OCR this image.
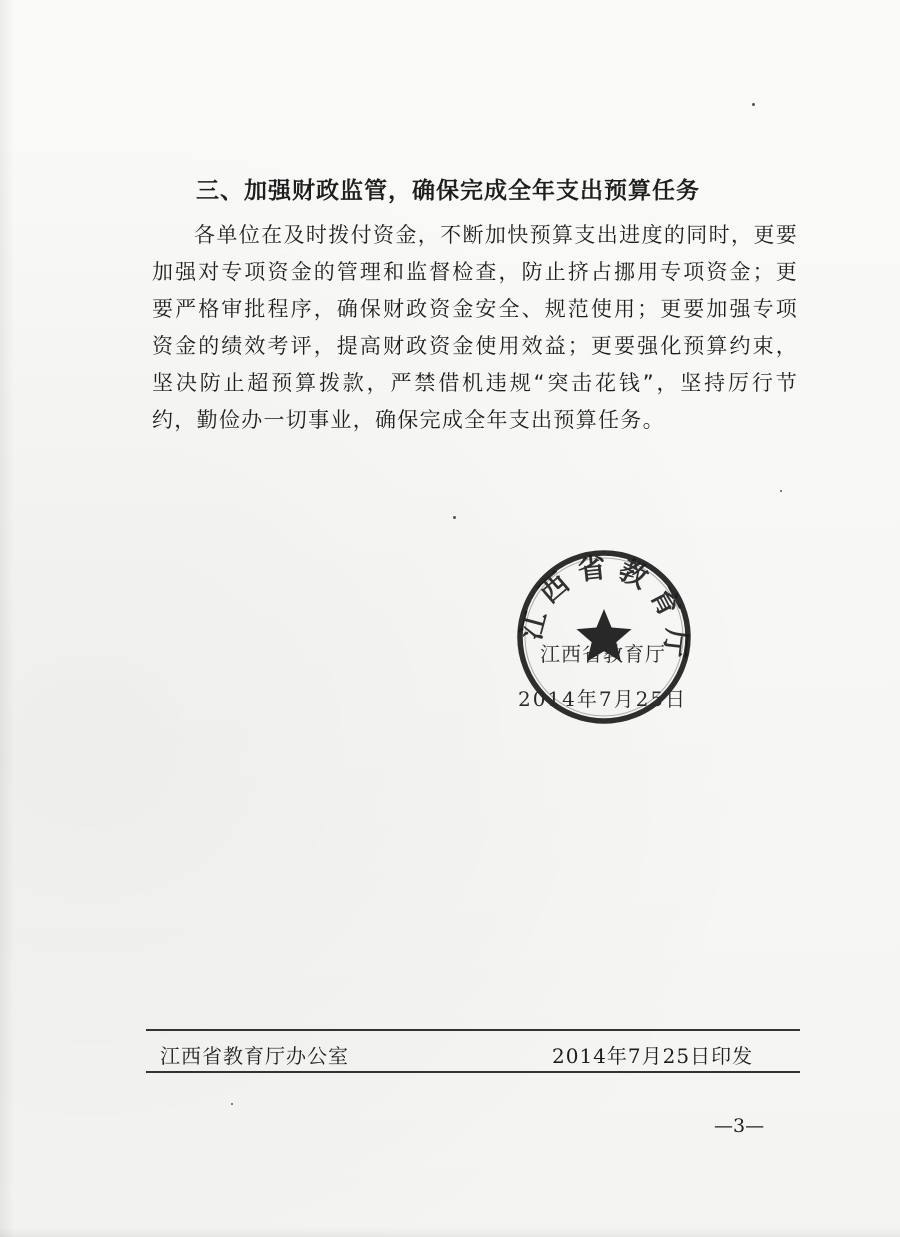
三、加强财政监管，确保完成全年支出预算任务

各单位在及时拨付资金，不断加快预算支出进度的同时，更要加强对专项资金的管理和监督检查，防止挤占挪用专项资金；更要严格审批程序，确保财政资金安全、规范使用；更要加强专项资金的绩效考评，提高财政资金使用效益；更要强化预算约束，坚决防止超预算拨款，严禁借机违规“突击花钱”，坚持厉行节约，勤俭办一切事业，确保完成全年支出预算任务。

江西省教育厅
江西省教育厅
2014年7月25日
江西省教育厅办公室	2014年7月25日印发
—3—
